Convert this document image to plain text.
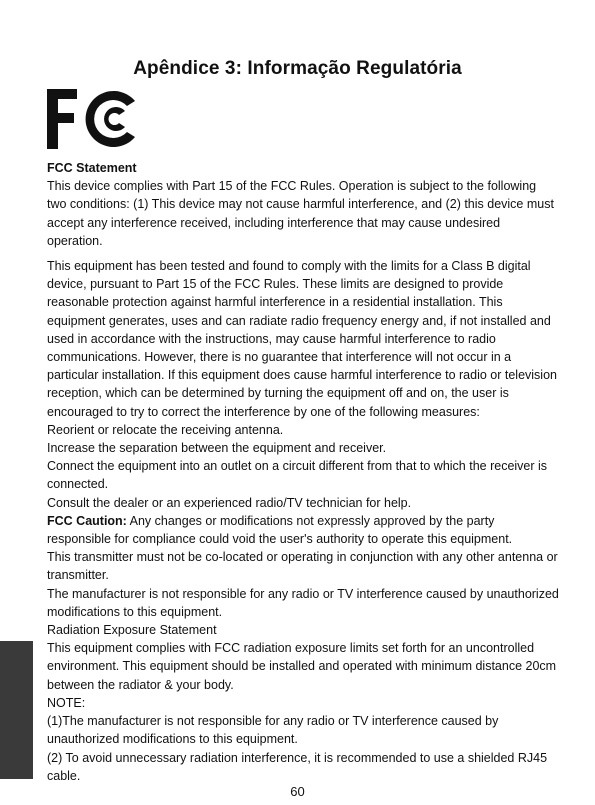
Apêndice 3: Informação Regulatória

FCC Statement

This device complies with Part 15 of the FCC Rules. Operation is subject to the following two conditions: (1) This device may not cause harmful interference, and (2) this device must accept any interference received, including interference that may cause undesired operation.

This equipment has been tested and found to comply with the limits for a Class B digital device, pursuant to Part 15 of the FCC Rules. These limits are designed to provide reasonable protection against harmful interference in a residential installation. This equipment generates, uses and can radiate radio frequency energy and, if not installed and used in accordance with the instructions, may cause harmful interference to radio communications. However, there is no guarantee that interference will not occur in a particular installation. If this equipment does cause harmful interference to radio or television reception, which can be determined by turning the equipment off and on, the user is encouraged to try to correct the interference by one of the following measures:

Reorient or relocate the receiving antenna.

Increase the separation between the equipment and receiver.

Connect the equipment into an outlet on a circuit different from that to which the receiver is connected.

Consult the dealer or an experienced radio/TV technician for help.

FCC Caution: Any changes or modifications not expressly approved by the party responsible for compliance could void the user's authority to operate this equipment.

This transmitter must not be co-located or operating in conjunction with any other antenna or transmitter.

The manufacturer is not responsible for any radio or TV interference caused by unauthorized modifications to this equipment.

Radiation Exposure Statement

This equipment complies with FCC radiation exposure limits set forth for an uncontrolled environment. This equipment should be installed and operated with minimum distance 20cm between the radiator & your body.

NOTE:

(1)The manufacturer is not responsible for any radio or TV interference caused by unauthorized modifications to this equipment.

(2) To avoid unnecessary radiation interference, it is recommended to use a shielded RJ45 cable.

60
